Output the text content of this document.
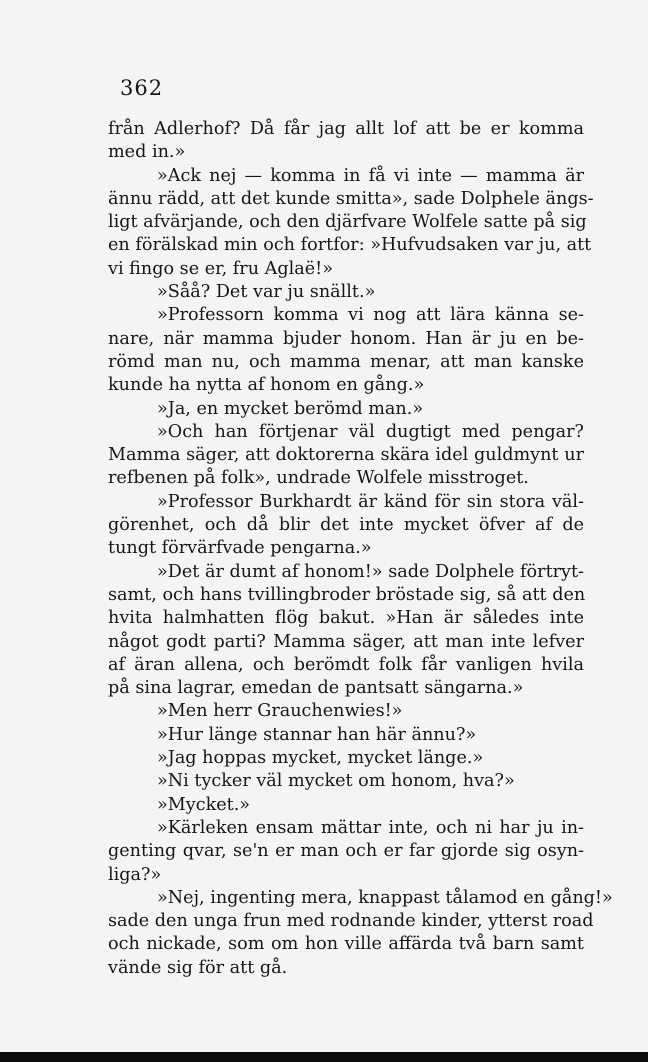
362
från Adlerhof? Då får jag allt lof att be er komma
med in.»
»Ack nej — komma in få vi inte — mamma är
ännu rädd, att det kunde smitta», sade Dolphele ängs-
ligt afvärjande, och den djärfvare Wolfele satte på sig
en förälskad min och fortfor: »Hufvudsaken var ju, att
vi fingo se er, fru Aglaë!»
»Såå? Det var ju snällt.»
»Professorn komma vi nog att lära känna se-
nare, när mamma bjuder honom. Han är ju en be-
römd man nu, och mamma menar, att man kanske
kunde ha nytta af honom en gång.»
»Ja, en mycket berömd man.»
»Och han förtjenar väl dugtigt med pengar?
Mamma säger, att doktorerna skära idel guldmynt ur
refbenen på folk», undrade Wolfele misstroget.
»Professor Burkhardt är känd för sin stora väl-
görenhet, och då blir det inte mycket öfver af de
tungt förvärfvade pengarna.»
»Det är dumt af honom!» sade Dolphele förtryt-
samt, och hans tvillingbroder bröstade sig, så att den
hvita halmhatten flög bakut. »Han är således inte
något godt parti? Mamma säger, att man inte lefver
af äran allena, och berömdt folk får vanligen hvila
på sina lagrar, emedan de pantsatt sängarna.»
»Men herr Grauchenwies!»
»Hur länge stannar han här ännu?»
»Jag hoppas mycket, mycket länge.»
»Ni tycker väl mycket om honom, hva?»
»Mycket.»
»Kärleken ensam mättar inte, och ni har ju in-
genting qvar, se'n er man och er far gjorde sig osyn-
liga?»
»Nej, ingenting mera, knappast tålamod en gång!»
sade den unga frun med rodnande kinder, ytterst road
och nickade, som om hon ville affärda två barn samt
vände sig för att gå.
